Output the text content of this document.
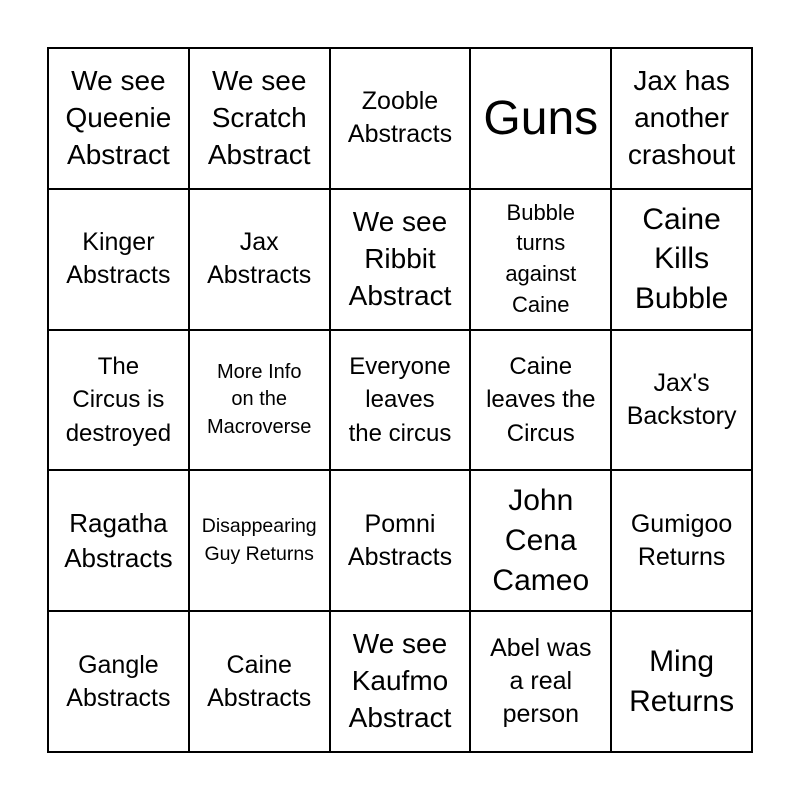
We see
Queenie
Abstract
We see
Scratch
Abstract
Zooble
Abstracts Guns
Jax has
another
crashout
Kinger
Abstracts
Jax
Abstracts
We see
Ribbit
Abstract
Bubble
turns
against
Caine
Caine
Kills
Bubble
The
Circus is
destroyed
More Info
on the
Macroverse
Everyone
leaves
the circus
Caine
leaves the
Circus
Jax's
Backstory
Ragatha
Abstracts
Disappearing
Guy Returns
Pomni
Abstracts
John
Cena
Cameo
Gumigoo
Returns
Gangle
Abstracts
Caine
Abstracts
We see
Kaufmo
Abstract
Abel was
a real
person
Ming
Returns
